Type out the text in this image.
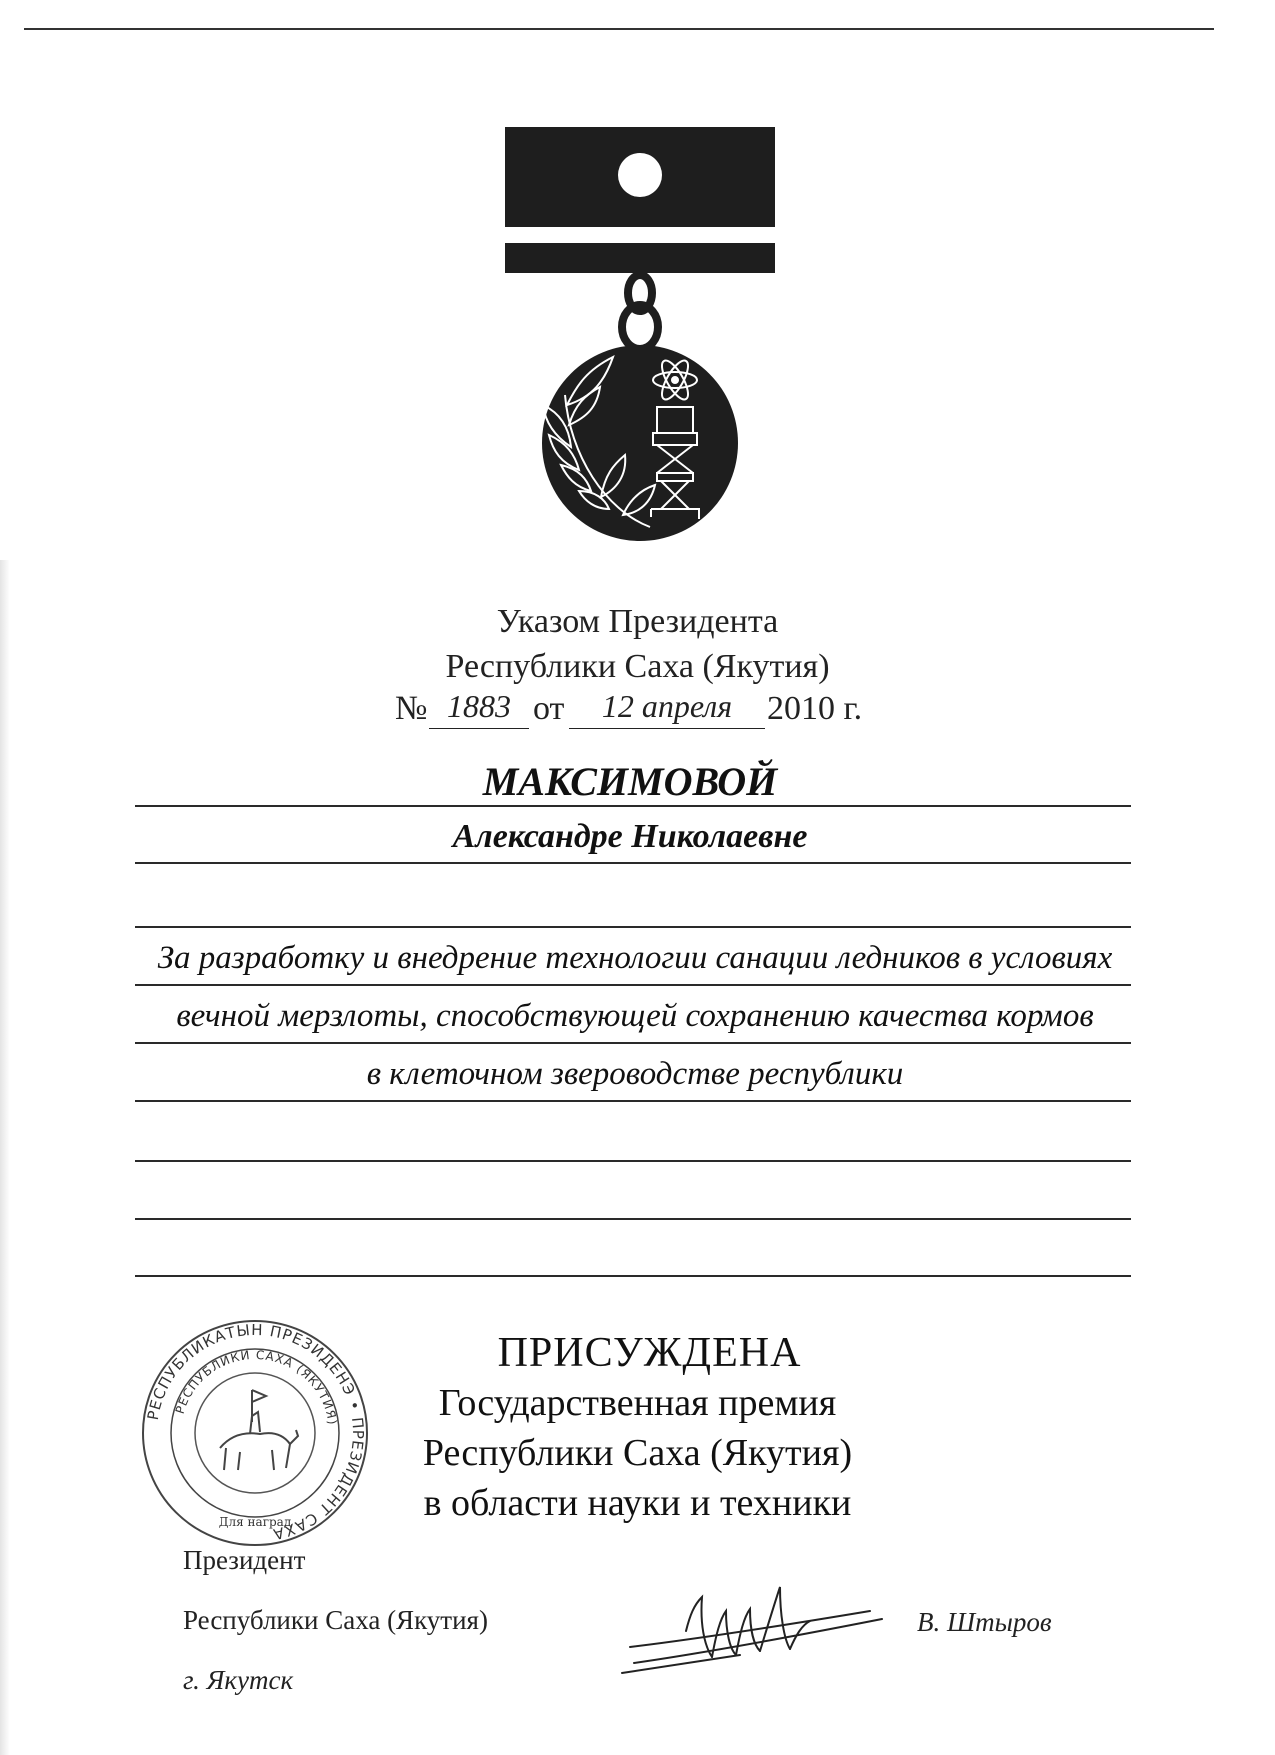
Указом Президента
Республики Саха (Якутия)
№ 1883 от	12 апреля	2010 г.
МАКСИМОВОЙ
Александре Николаевне
За разработку и внедрение технологии санации ледников в условиях
вечной мерзлоты, способствующей сохранению качества кормов
в клеточном звероводстве республики
ПРИСУЖДЕНА
Государственная премия
Республики Саха (Якутия)
в области науки и техники
РЕСПУБЛИКАТЫН ПРЕЗИДЕНЭ • ПРЕЗИДЕНТ САХА
РЕСПУБЛИКИ САХА (ЯКУТИЯ)
Для наград
Президент
Республики Саха (Якутия)
г. Якутск
В. Штыров
